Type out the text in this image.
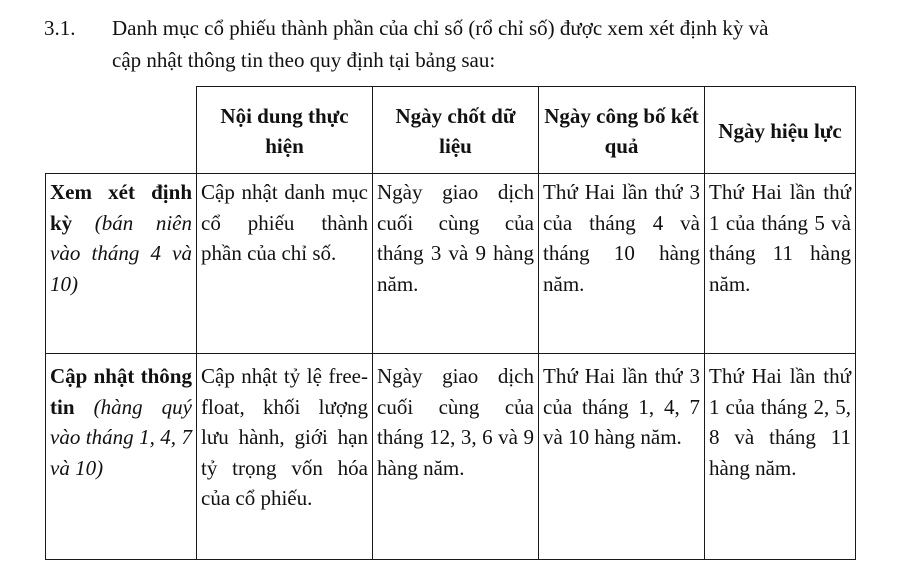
3.1. Danh mục cổ phiếu thành phần của chỉ số (rổ chỉ số) được xem xét định kỳ và
cập nhật thông tin theo quy định tại bảng sau:
	Nội dung thực hiện	Ngày chốt dữ liệu	Ngày công bố kết quả	Ngày hiệu lực
Xem xét định kỳ (bán niên vào tháng 4 và 10)	Cập nhật danh mục cổ phiếu thành phần của chỉ số.	Ngày giao dịch cuối cùng của tháng 3 và 9 hàng năm.	Thứ Hai lần thứ 3 của tháng 4 và tháng 10 hàng năm.	Thứ Hai lần thứ 1 của tháng 5 và tháng 11 hàng năm.
Cập nhật thông tin (hàng quý vào tháng 1, 4, 7 và 10)	Cập nhật tỷ lệ free-float, khối lượng lưu hành, giới hạn tỷ trọng vốn hóa của cổ phiếu.	Ngày giao dịch cuối cùng của tháng 12, 3, 6 và 9 hàng năm.	Thứ Hai lần thứ 3 của tháng 1, 4, 7 và 10 hàng năm.	Thứ Hai lần thứ 1 của tháng 2, 5, 8 và tháng 11 hàng năm.
